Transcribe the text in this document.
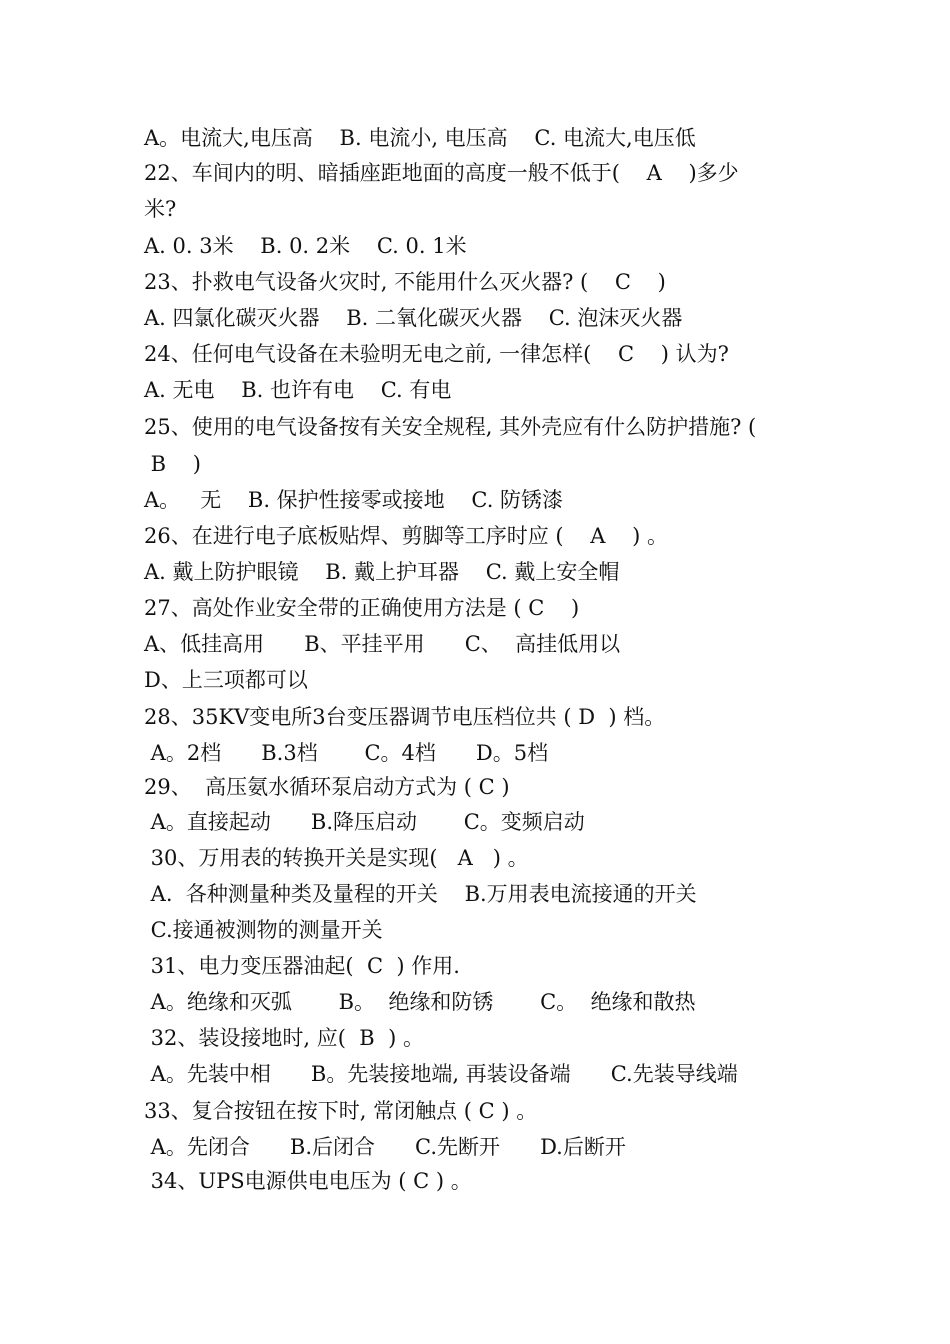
A。电流大,电压高    B. 电流小, 电压高    C. 电流大,电压低
22、车间内的明、暗插座距地面的高度一般不低于(    A    )多少
米?
A. 0. 3米    B. 0. 2米    C. 0. 1米
23、扑救电气设备火灾时, 不能用什么灭火器? (    C    )
A. 四氯化碳灭火器    B. 二氧化碳灭火器    C. 泡沫灭火器
24、任何电气设备在未验明无电之前, 一律怎样(    C    ) 认为?
A. 无电    B. 也许有电    C. 有电
25、使用的电气设备按有关安全规程, 其外壳应有什么防护措施? (
B    )
A。   无    B. 保护性接零或接地    C. 防锈漆
26、在进行电子底板贴焊、剪脚等工序时应 (    A    ) 。
A. 戴上防护眼镜    B. 戴上护耳器    C. 戴上安全帽
27、高处作业安全带的正确使用方法是 ( C    )
A、低挂高用      B、平挂平用      C、  高挂低用以
D、上三项都可以
28、35KV变电所3台变压器调节电压档位共 ( D  ) 档。
A。2档      B.3档       C。4档      D。5档
29、  高压氨水循环泵启动方式为 ( C )
A。直接起动      B.降压启动       C。变频启动
30、万用表的转换开关是实现(   A   ) 。
A.  各种测量种类及量程的开关    B.万用表电流接通的开关
C.接通被测物的测量开关
31、电力变压器油起(  C  ) 作用.
A。绝缘和灭弧       B。  绝缘和防锈       C。  绝缘和散热
32、装设接地时, 应(  B  ) 。
A。先装中相      B。先装接地端, 再装设备端      C.先装导线端
33、复合按钮在按下时, 常闭触点 ( C ) 。
A。先闭合      B.后闭合      C.先断开      D.后断开
34、UPS电源供电电压为 ( C ) 。
